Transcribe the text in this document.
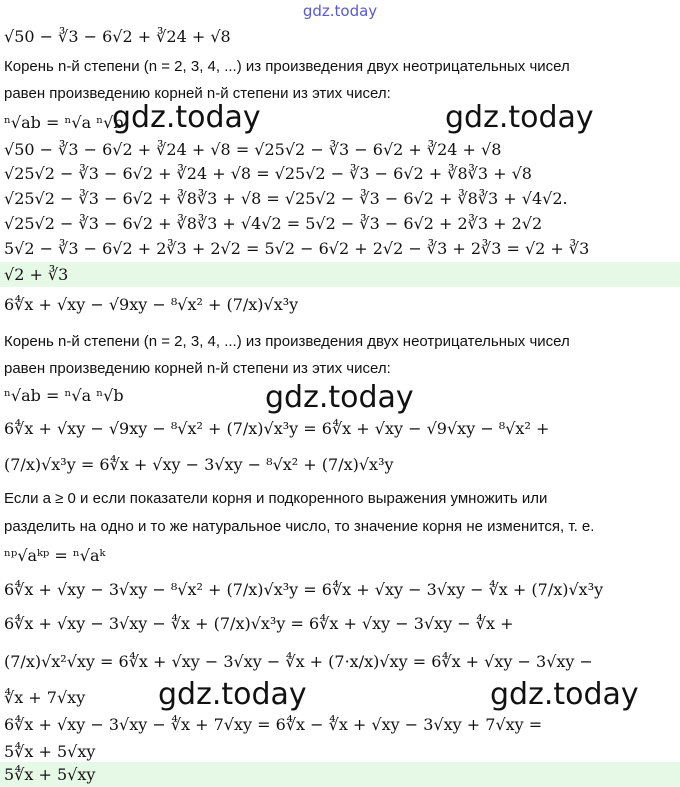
gdz.today
√50 − ∛3 − 6√2 + ∛24 + √8
Корень n-й степени (n = 2, 3, 4, ...) из произведения двух неотрицательных чисел
равен произведению корней n-й степени из этих чисел:
ⁿ√ab = ⁿ√a ⁿ√b
√50 − ∛3 − 6√2 + ∛24 + √8 = √25√2 − ∛3 − 6√2 + ∛24 + √8
√25√2 − ∛3 − 6√2 + ∛24 + √8 = √25√2 − ∛3 − 6√2 + ∛8∛3 + √8
√25√2 − ∛3 − 6√2 + ∛8∛3 + √8 = √25√2 − ∛3 − 6√2 + ∛8∛3 + √4√2.
√25√2 − ∛3 − 6√2 + ∛8∛3 + √4√2 = 5√2 − ∛3 − 6√2 + 2∛3 + 2√2
5√2 − ∛3 − 6√2 + 2∛3 + 2√2 = 5√2 − 6√2 + 2√2 − ∛3 + 2∛3 = √2 + ∛3
√2 + ∛3
6∜x + √xy − √9xy − ⁸√x² + (7/x)√x³y
Корень n-й степени (n = 2, 3, 4, ...) из произведения двух неотрицательных чисел
равен произведению корней n-й степени из этих чисел:
ⁿ√ab = ⁿ√a ⁿ√b
6∜x + √xy − √9xy − ⁸√x² + (7/x)√x³y = 6∜x + √xy − √9√xy − ⁸√x² +
(7/x)√x³y = 6∜x + √xy − 3√xy − ⁸√x² + (7/x)√x³y
Если a ≥ 0 и если показатели корня и подкоренного выражения умножить или
разделить на одно и то же натуральное число, то значение корня не изменится, т. е.
ⁿᵖ√aᵏᵖ = ⁿ√aᵏ
6∜x + √xy − 3√xy − ⁸√x² + (7/x)√x³y = 6∜x + √xy − 3√xy − ∜x + (7/x)√x³y
6∜x + √xy − 3√xy − ∜x + (7/x)√x³y = 6∜x + √xy − 3√xy − ∜x +
(7/x)√x²√xy = 6∜x + √xy − 3√xy − ∜x + (7·x/x)√xy = 6∜x + √xy − 3√xy −
∜x + 7√xy
6∜x + √xy − 3√xy − ∜x + 7√xy = 6∜x − ∜x + √xy − 3√xy + 7√xy =
5∜x + 5√xy
5∜x + 5√xy
gdz.today	gdz.today
gdz.today
gdz.today	gdz.today
